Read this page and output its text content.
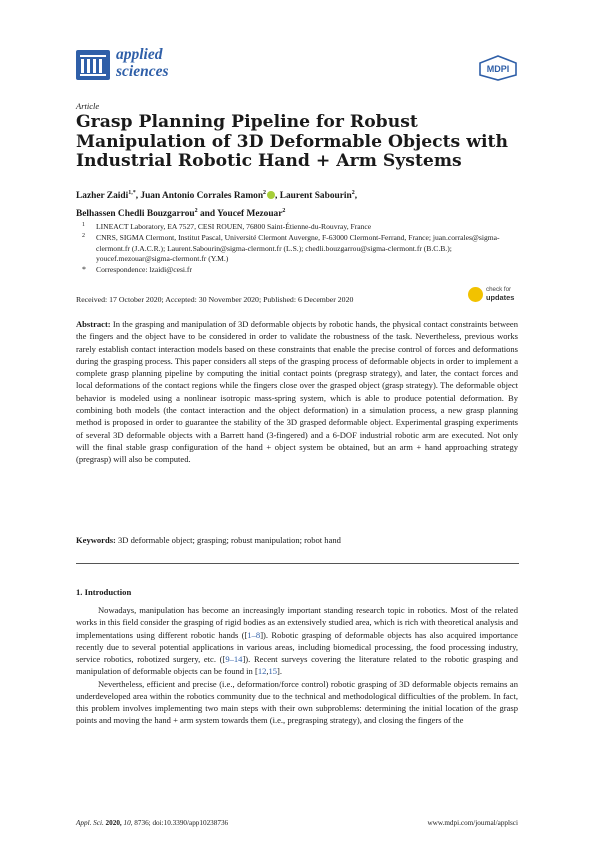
applied
sciences	MDPI
Article
Grasp Planning Pipeline for Robust Manipulation of 3D Deformable Objects with Industrial Robotic Hand + Arm Systems
Lazher Zaidi$^{1,*}$, Juan Antonio Corrales Ramon$^2$ , Laurent Sabourin$^2$,
Belhassen Chedli Bouzgarrou$^2$ and Youcef Mezouar$^2$
1 LINEACT Laboratory, EA 7527, CESI ROUEN, 76800 Saint-Étienne-du-Rouvray, France
2 CNRS, SIGMA Clermont, Institut Pascal, Université Clermont Auvergne, F-63000 Clermont-Ferrand, France; juan.corrales@sigma-clermont.fr (J.A.C.R.); Laurent.Sabourin@sigma-clermont.fr (L.S.); chedli.bouzgarrou@sigma-clermont.fr (B.C.B.); youcef.mezouar@sigma-clermont.fr (Y.M.)
* Correspondence: lzaidi@cesi.fr
Received: 17 October 2020; Accepted: 30 November 2020; Published: 6 December 2020
check for
updates

Abstract: In the grasping and manipulation of 3D deformable objects by robotic hands, the physical contact constraints between the fingers and the object have to be considered in order to validate the robustness of the task. Nevertheless, previous works rarely establish contact interaction models based on these constraints that enable the precise control of forces and deformations during the grasping process. This paper considers all steps of the grasping process of deformable objects in order to implement a complete grasp planning pipeline by computing the initial contact points (pregrasp strategy), and later, the contact forces and local deformations of the contact regions while the fingers close over the grasped object (grasp strategy). The deformable object behavior is modeled using a nonlinear isotropic mass-spring system, which is able to produce potential deformation. By combining both models (the contact interaction and the object deformation) in a simulation process, a new grasp planning method is proposed in order to guarantee the stability of the 3D grasped deformable object. Experimental grasping experiments of several 3D deformable objects with a Barrett hand (3-fingered) and a 6-DOF industrial robotic arm are executed. Not only will the final stable grasp configuration of the hand + object system be obtained, but an arm + hand approaching strategy (pregrasp) will also be computed.

Keywords: 3D deformable object; grasping; robust manipulation; robot hand

1. Introduction

Nowadays, manipulation has become an increasingly important standing research topic in robotics. Most of the related works in this field consider the grasping of rigid bodies as an extensively studied area, which is rich with theoretical analysis and implementations using different robotic hands ([1–8]). Robotic grasping of deformable objects has also acquired importance recently due to several potential applications in various areas, including biomedical processing, the food processing industry, service robotics, robotized surgery, etc. ([9–14]). Recent surveys covering the literature related to the robotic grasping and manipulation of deformable objects can be found in [12,15].

Nevertheless, efficient and precise (i.e., deformation/force control) robotic grasping of 3D deformable objects remains an underdeveloped area within the robotics community due to the technical and methodological difficulties of the problem. In fact, this problem involves implementing two main steps with their own subproblems: determining the initial location of the grasp points and moving the hand + arm system towards them (i.e., pregrasping strategy), and closing the fingers of the

Appl. Sci. 2020, 10, 8736; doi:10.3390/app10238736	www.mdpi.com/journal/applsci
